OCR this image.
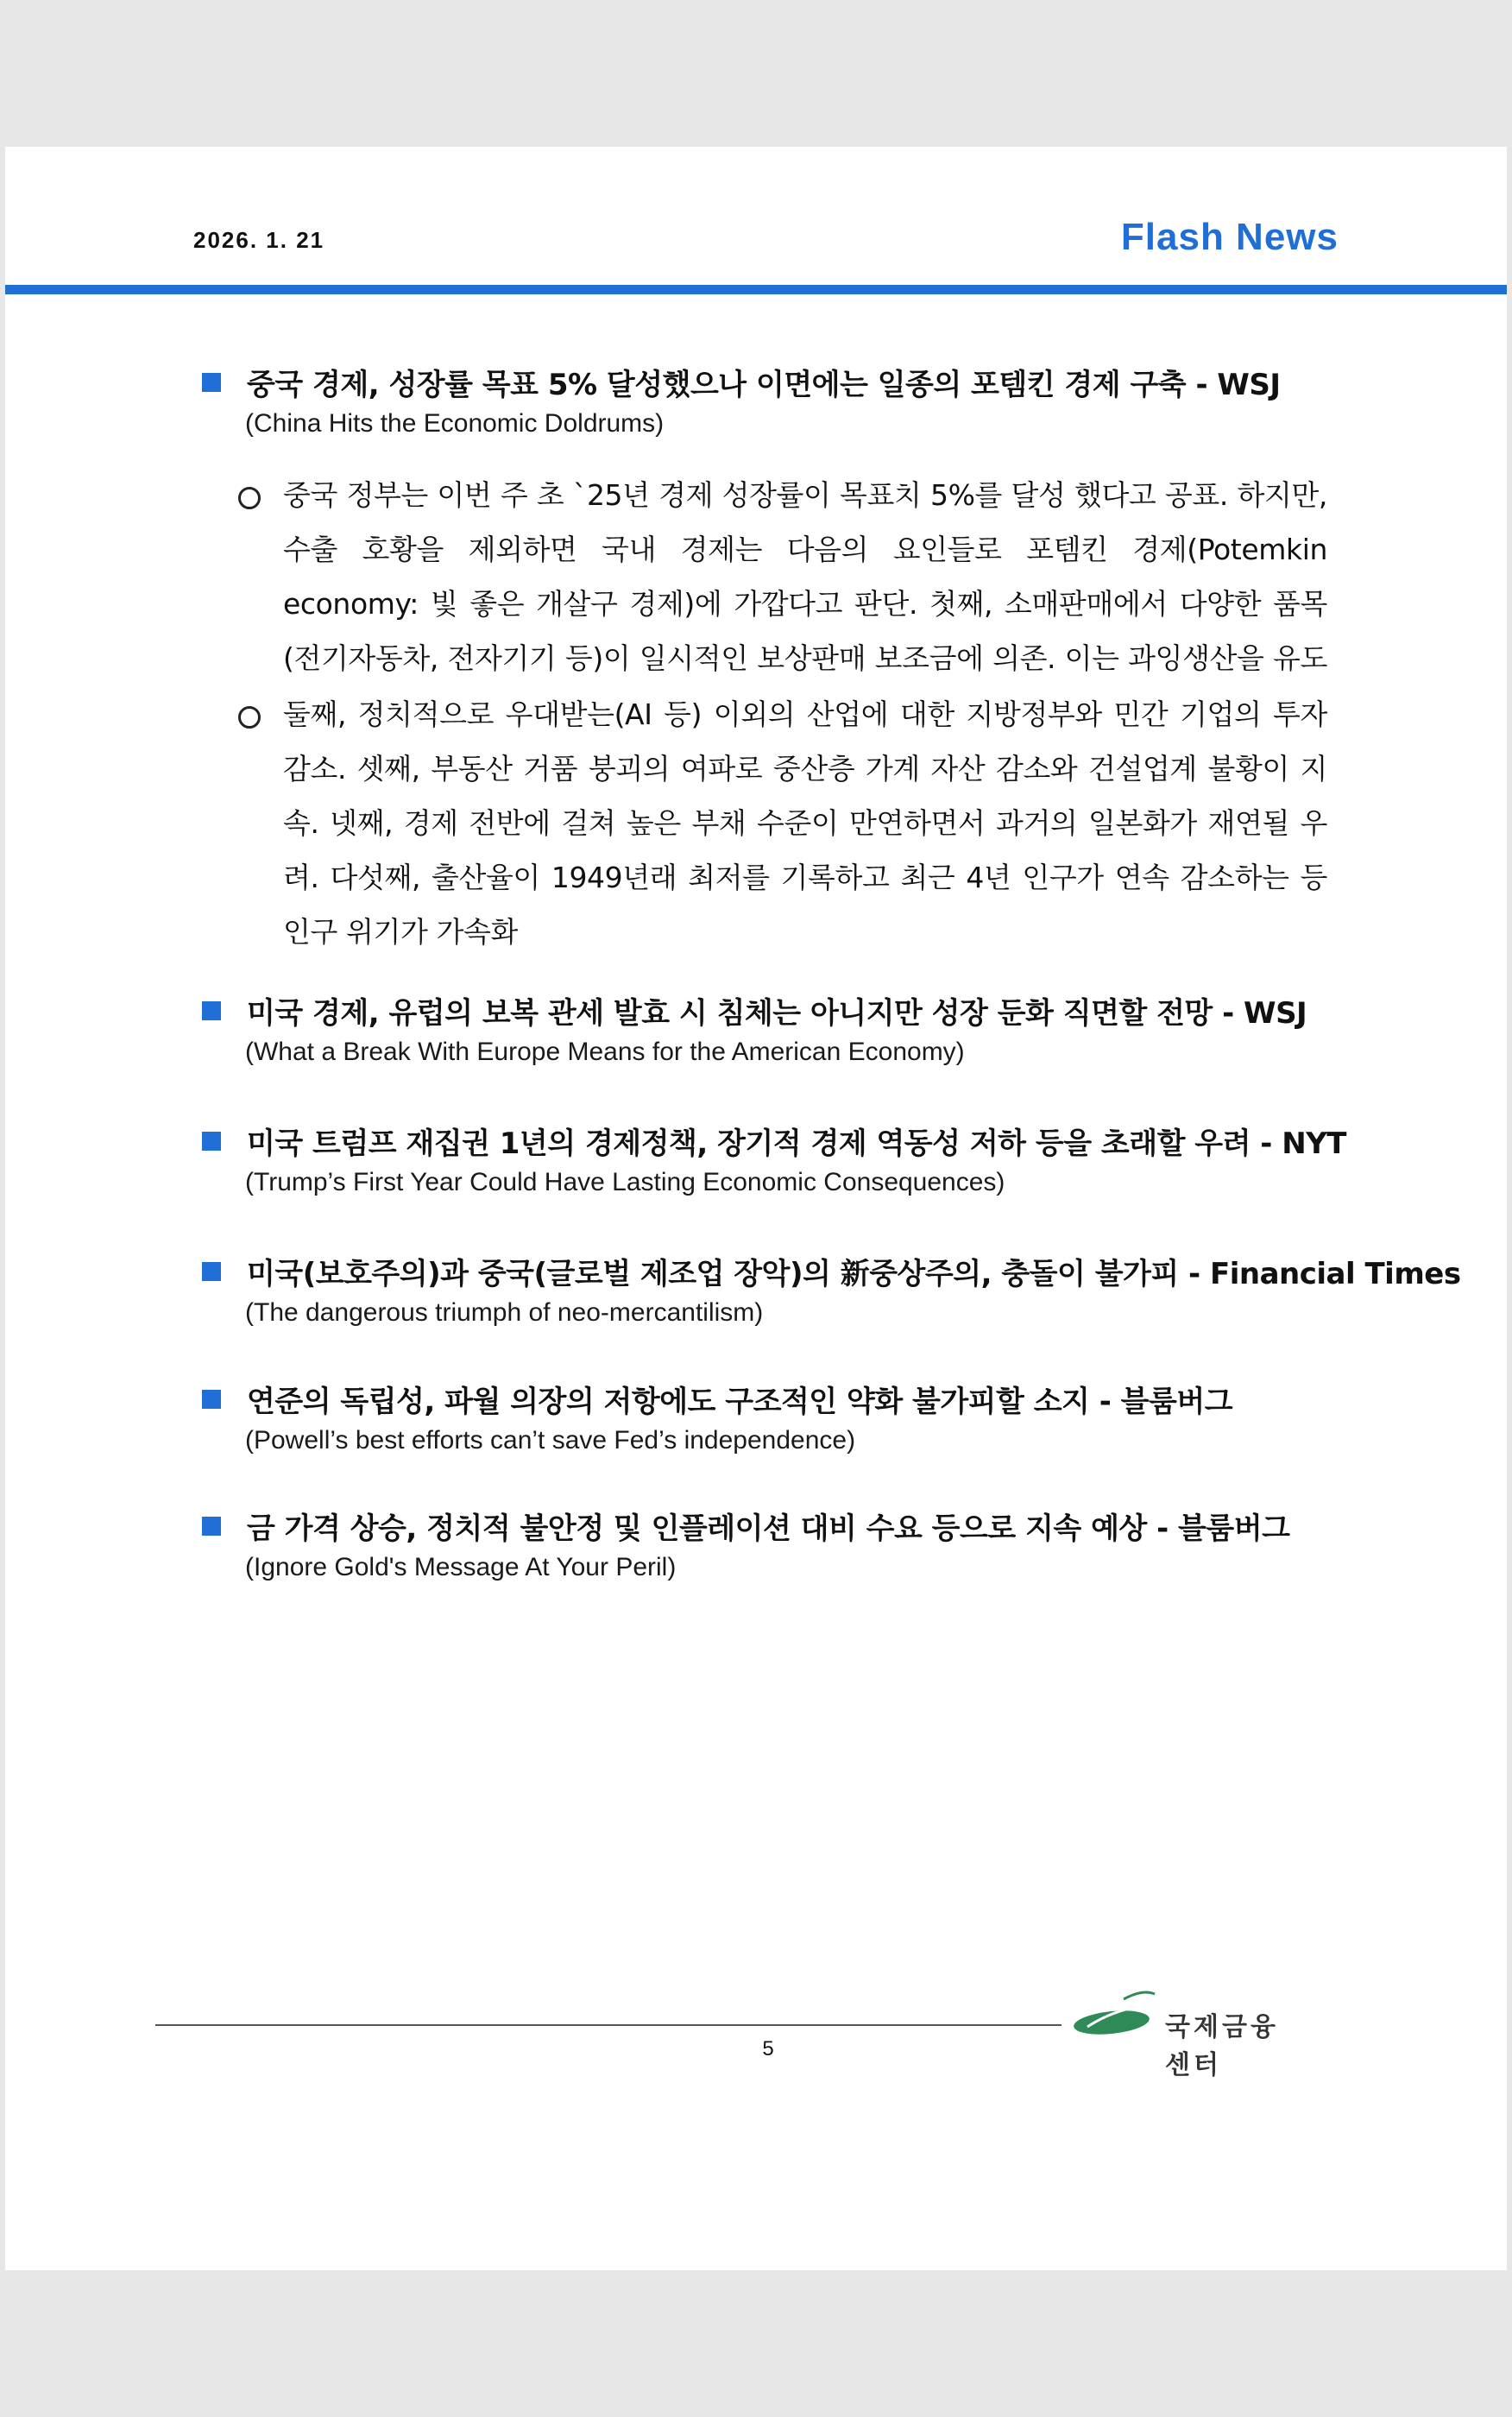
2026. 1. 21	Flash News
중국 경제, 성장률 목표 5% 달성했으나 이면에는 일종의 포템킨 경제 구축 - WSJ
(China Hits the Economic Doldrums)
중국 정부는 이번 주 초 `25년 경제 성장률이 목표치 5%를 달성 했다고 공표. 하지만, 수출 호황을 제외하면 국내 경제는 다음의 요인들로 포템킨 경제(Potemkin economy: 빛 좋은 개살구 경제)에 가깝다고 판단. 첫째, 소매판매에서 다양한 품목(전기자동차, 전자기기 등)이 일시적인 보상판매 보조금에 의존. 이는 과잉생산을 유도
둘째, 정치적으로 우대받는(AI 등) 이외의 산업에 대한 지방정부와 민간 기업의 투자 감소. 셋째, 부동산 거품 붕괴의 여파로 중산층 가계 자산 감소와 건설업계 불황이 지속. 넷째, 경제 전반에 걸쳐 높은 부채 수준이 만연하면서 과거의 일본화가 재연될 우려. 다섯째, 출산율이 1949년래 최저를 기록하고 최근 4년 인구가 연속 감소하는 등 인구 위기가 가속화
미국 경제, 유럽의 보복 관세 발효 시 침체는 아니지만 성장 둔화 직면할 전망 - WSJ
(What a Break With Europe Means for the American Economy)
미국 트럼프 재집권 1년의 경제정책, 장기적 경제 역동성 저하 등을 초래할 우려 - NYT
(Trump’s First Year Could Have Lasting Economic Consequences)
미국(보호주의)과 중국(글로벌 제조업 장악)의 新중상주의, 충돌이 불가피 - Financial Times
(The dangerous triumph of neo-mercantilism)
연준의 독립성, 파월 의장의 저항에도 구조적인 약화 불가피할 소지 - 블룸버그
(Powell’s best efforts can’t save Fed’s independence)
금 가격 상승, 정치적 불안정 및 인플레이션 대비 수요 등으로 지속 예상 - 블룸버그
(Ignore Gold's Message At Your Peril)
5
국제금융센터
